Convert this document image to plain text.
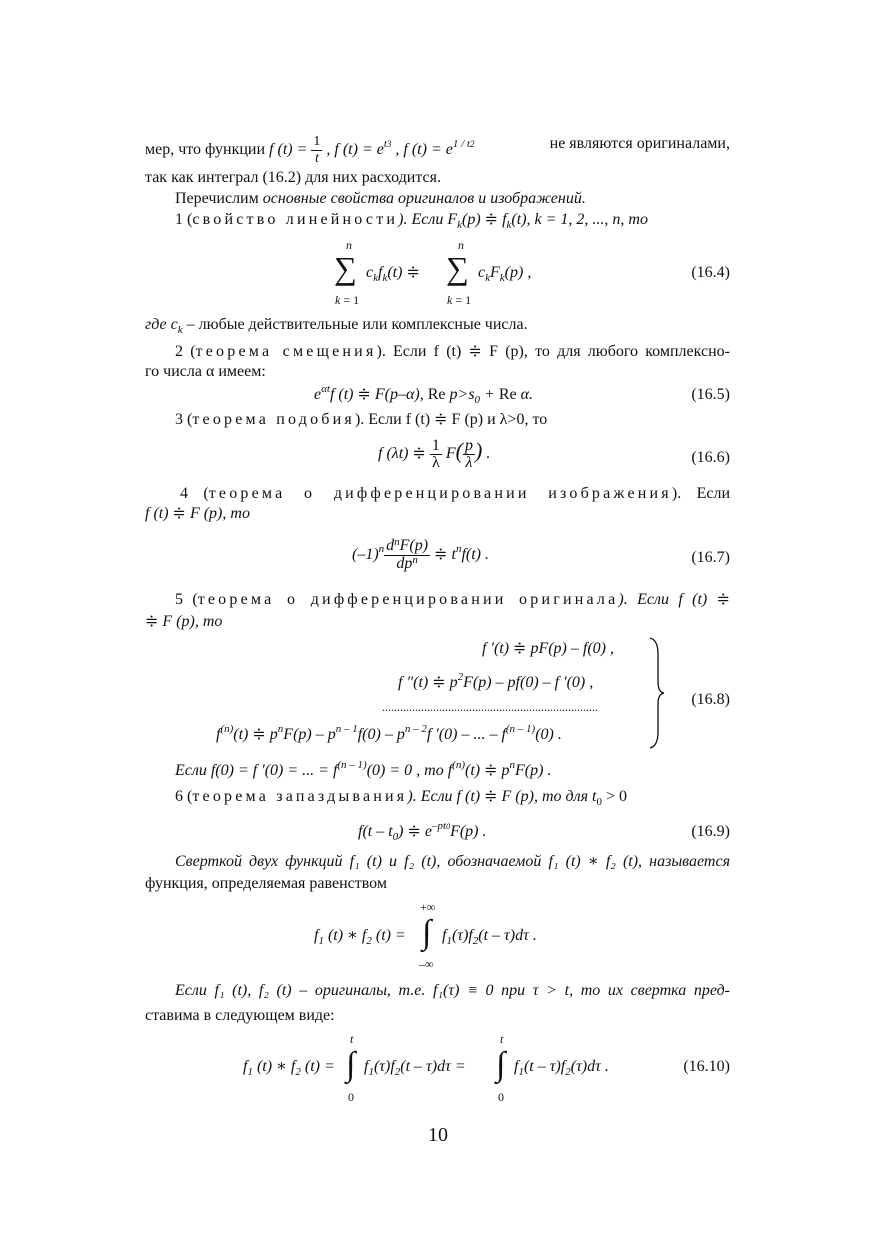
мер, что функции f $(t) = \frac{1}{t}$ , f $(t) = e^{t3}$ , f $(t) = e^{1 / t2}$	не являются оригиналами,
так как интеграл (16.2) для них расходится.
Перечислим основные свойства оригиналов и изображений.
1 (свойство линейности). Если $F_k(p)$ ≑ $f_k(t)$, k = 1, 2, ..., n, то
n
∑
k = 1
$c_kf_k(t)$ ≑
n
∑
k = 1
$c_kF_k(p)$ ,	(16.4)
где $c_k$ – любые действительные или комплексные числа.
2 (теорема смещения). Если f (t) ≑ F (p), то для любого комплексно-
го числа α имеем:
$e^{\alpha t}f$ (t) ≑ F(p–α), Re $p>s_0 + Re$ α.	(16.5)
3 (теорема подобия). Если f (t) ≑ F (p) и λ>0, то
f (λt) ≑ $\frac{1}{\lambda} F( \frac{p}{\lambda}$ ) .	(16.6)
4 (теорема о дифференцировании изображения). Если
f (t) ≑ F (p), то
$(-1)^n \frac{d^nF(p)}{dp^n}$ ≑ $t^nf(t)$ .	(16.7)
5 (теорема о дифференцировании оригинала). Если f (t) ≑
≑ F (p), то
f ′(t) ≑ pF(p) – f(0) ,
f ″(t) ≑ $p^2F(p) - pf(0)$ – f ′(0) ,
........................................................................
$f^{(n)}(t)$ ≑ $p^nF(p) - p^{n - 1}f(0) - p^{n - 2}f$ ′(0) – ... – $f^{(n - 1)}(0)$ .
(16.8)
Если f(0) = f ′(0) = ... = $f^{(n - 1)}(0) = 0$ , то $f^{(n)}(t)$ ≑ $p^nF(p)$ .
6 (теорема запаздывания). Если f (t) ≑ F (p), то для $t_0 > 0$
$f(t - t_0)$ ≑ $e^{-pt0}F(p)$ .	(16.9)
Сверткой двух функций f₁ (t) и f₂ (t), обозначаемой f₁ (t) ∗ f₂ (t), называется
функция, определяемая равенством
+∞
$f_1$ (t) ∗ $f_2$ (t) = ∫ $f_1(\tau)f_2(t - \tau)d\tau$ .
–∞
Если f₁ (t), f₂ (t) – оригиналы, т.е. f₁(τ) ≡ 0 при τ > t, то их свертка пред-
ставима в следующем виде:
t
$f_1$ (t) ∗ $f_2$ (t) = ∫ $f_1(\tau)f_2(t - \tau)d\tau$ =
0
t
∫ $f_1(t - \tau)f_2(\tau)d\tau$ .
0
(16.10)
10
